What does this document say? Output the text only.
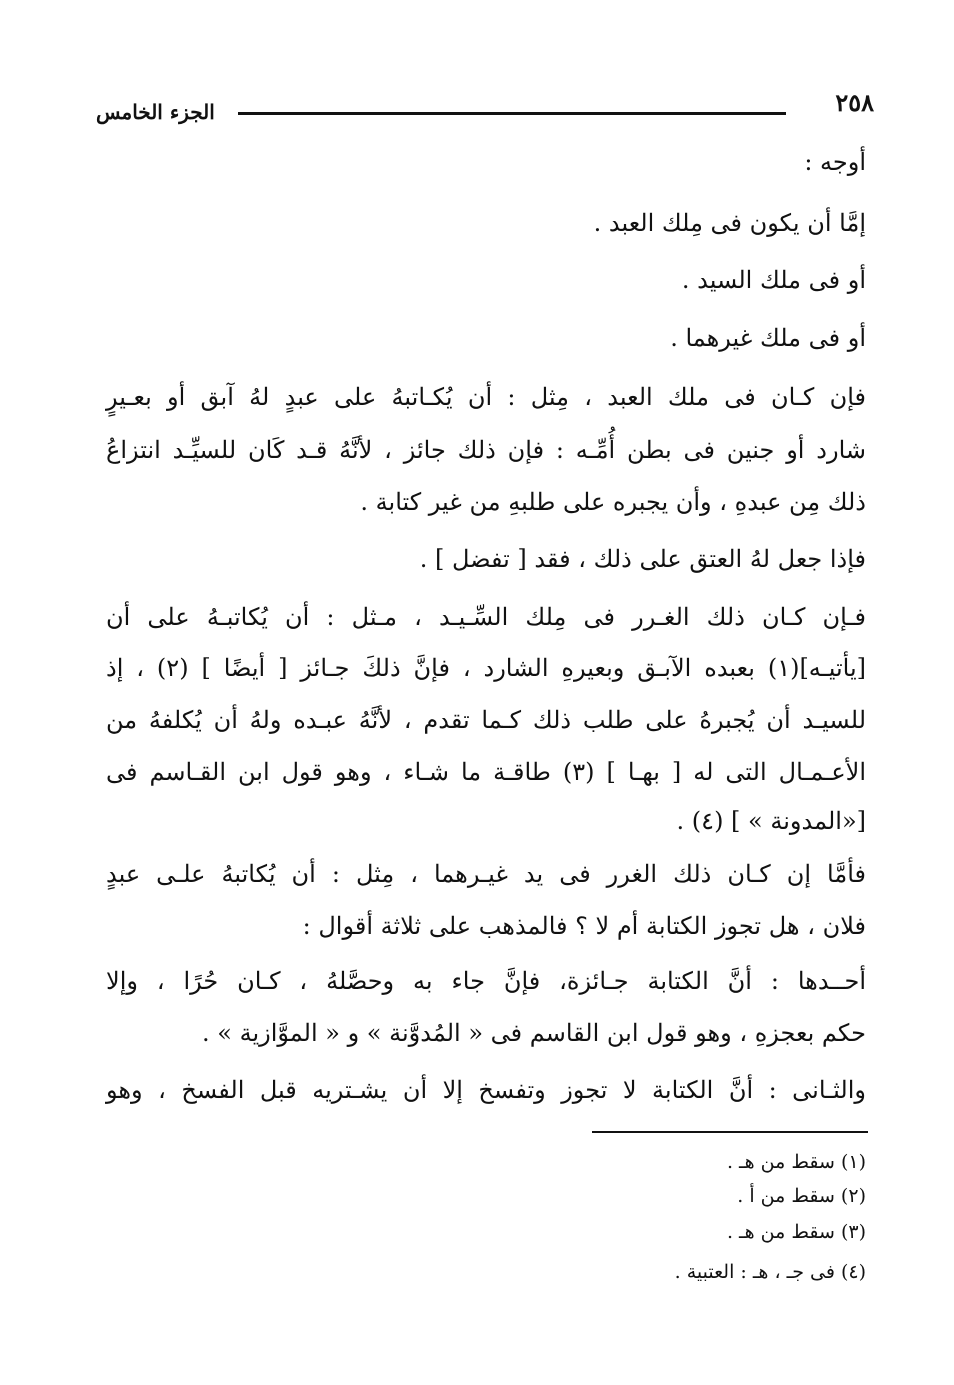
٢٥٨
الجزء الخامس
أوجه :
إمَّا أن يكون فى مِلك العبد .
أو فى ملك السيد .
أو فى ملك غيرهما .
فإن كـان فى ملك العبد ، مِثل : أن يُكـاتبهُ على عبدٍ لهُ آبق أو بعـيرٍ
شارد أو جنين فى بطن أُمِّـه : فإن ذلك جائز ، لأنَّهُ قـد كَان للسيِّـد انتزاعُ
ذلك مِن عبدهِ ، وأن يجبره على طلبهِ من غير كتابة .
فإذا جعل لهُ العتق على ذلك ، فقد [ تفضل ] .
فـإن كـان ذلك الغـرر فى مِلك السِّـيـد ، مـثل : أن يُكاتبـهُ على أن
[يأتيـه](١) بعبده الآبـق وبعيرهِ الشارد ، فإنَّ ذلكَ جـائز [ أيضًا ] (٢) ، إذ
للسيـد أن يُجبرهُ على طلب ذلك كـما تقدم ، لأنَّهُ عبـده ولهُ أن يُكلفهُ من
الأعـمـال التى له [ بهـا ] (٣) طاقـة ما شـاء ، وهو قول ابن القـاسم فى
[«المدونة » ] (٤) .
فأمَّا إن كـان ذلك الغرر فى يد غيـرهما ، مِثل : أن يُكاتبهُ علـى عبدٍ
فلان ، هل تجوز الكتابة أم لا ؟ فالمذهب على ثلاثة أقوال :
أحــدها : أنَّ الكتابة جـائزة، فإنَّ جاء به وحصَّلهُ ، كـان حُرًا ، وإلا
حكم بعجزهِ ، وهو قول ابن القاسم فى « المُدوَّنة » و « الموَّازية » .
والثـانى : أنَّ الكتابة لا تجوز وتفسخ إلا أن يشـتريه قبل الفسخ ، وهو
(١) سقط من هـ .
(٢) سقط من أ .
(٣) سقط من هـ .
(٤) فى جـ ، هـ : العتبية .
